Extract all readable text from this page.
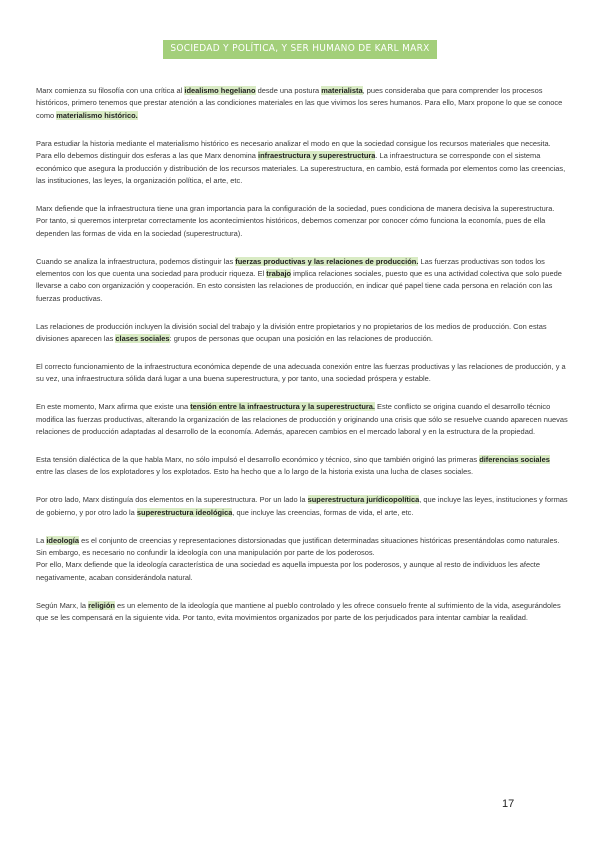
SOCIEDAD Y POLÍTICA, Y SER HUMANO DE KARL MARX

Marx comienza su filosofía con una crítica al idealismo hegeliano desde una postura materialista, pues consideraba que para comprender los procesos históricos, primero tenemos que prestar atención a las condiciones materiales en las que vivimos los seres humanos. Para ello, Marx propone lo que se conoce como materialismo histórico.

Para estudiar la historia mediante el materialismo histórico es necesario analizar el modo en que la sociedad consigue los recursos materiales que necesita. Para ello debemos distinguir dos esferas a las que Marx denomina infraestructura y superestructura. La infraestructura se corresponde con el sistema económico que asegura la producción y distribución de los recursos materiales. La superestructura, en cambio, está formada por elementos como las creencias, las instituciones, las leyes, la organización política, el arte, etc.

Marx defiende que la infraestructura tiene una gran importancia para la configuración de la sociedad, pues condiciona de manera decisiva la superestructura. Por tanto, si queremos interpretar correctamente los acontecimientos históricos, debemos comenzar por conocer cómo funciona la economía, pues de ella dependen las formas de vida en la sociedad (superestructura).

Cuando se analiza la infraestructura, podemos distinguir las fuerzas productivas y las relaciones de producción. Las fuerzas productivas son todos los elementos con los que cuenta una sociedad para producir riqueza. El trabajo implica relaciones sociales, puesto que es una actividad colectiva que solo puede llevarse a cabo con organización y cooperación. En esto consisten las relaciones de producción, en indicar qué papel tiene cada persona en relación con las fuerzas productivas.

Las relaciones de producción incluyen la división social del trabajo y la división entre propietarios y no propietarios de los medios de producción. Con estas divisiones aparecen las clases sociales: grupos de personas que ocupan una posición en las relaciones de producción.

El correcto funcionamiento de la infraestructura económica depende de una adecuada conexión entre las fuerzas productivas y las relaciones de producción, y a su vez, una infraestructura sólida dará lugar a una buena superestructura, y por tanto, una sociedad próspera y estable.

En este momento, Marx afirma que existe una tensión entre la infraestructura y la superestructura. Este conflicto se origina cuando el desarrollo técnico modifica las fuerzas productivas, alterando la organización de las relaciones de producción y originando una crisis que sólo se resuelve cuando aparecen nuevas relaciones de producción adaptadas al desarrollo de la economía. Además, aparecen cambios en el mercado laboral y en la estructura de la propiedad.

Esta tensión dialéctica de la que habla Marx, no sólo impulsó el desarrollo económico y técnico, sino que también originó las primeras diferencias sociales entre las clases de los explotadores y los explotados. Esto ha hecho que a lo largo de la historia exista una lucha de clases sociales.

Por otro lado, Marx distinguía dos elementos en la superestructura. Por un lado la superestructura jurídicopolítica, que incluye las leyes, instituciones y formas de gobierno, y por otro lado la superestructura ideológica, que incluye las creencias, formas de vida, el arte, etc.

La ideología es el conjunto de creencias y representaciones distorsionadas que justifican determinadas situaciones históricas presentándolas como naturales. Sin embargo, es necesario no confundir la ideología con una manipulación por parte de los poderosos.

Por ello, Marx defiende que la ideología característica de una sociedad es aquella impuesta por los poderosos, y aunque al resto de individuos les afecte negativamente, acaban considerándola natural.

Según Marx, la religión es un elemento de la ideología que mantiene al pueblo controlado y les ofrece consuelo frente al sufrimiento de la vida, asegurándoles que se les compensará en la siguiente vida. Por tanto, evita movimientos organizados por parte de los perjudicados para intentar cambiar la realidad.

17
